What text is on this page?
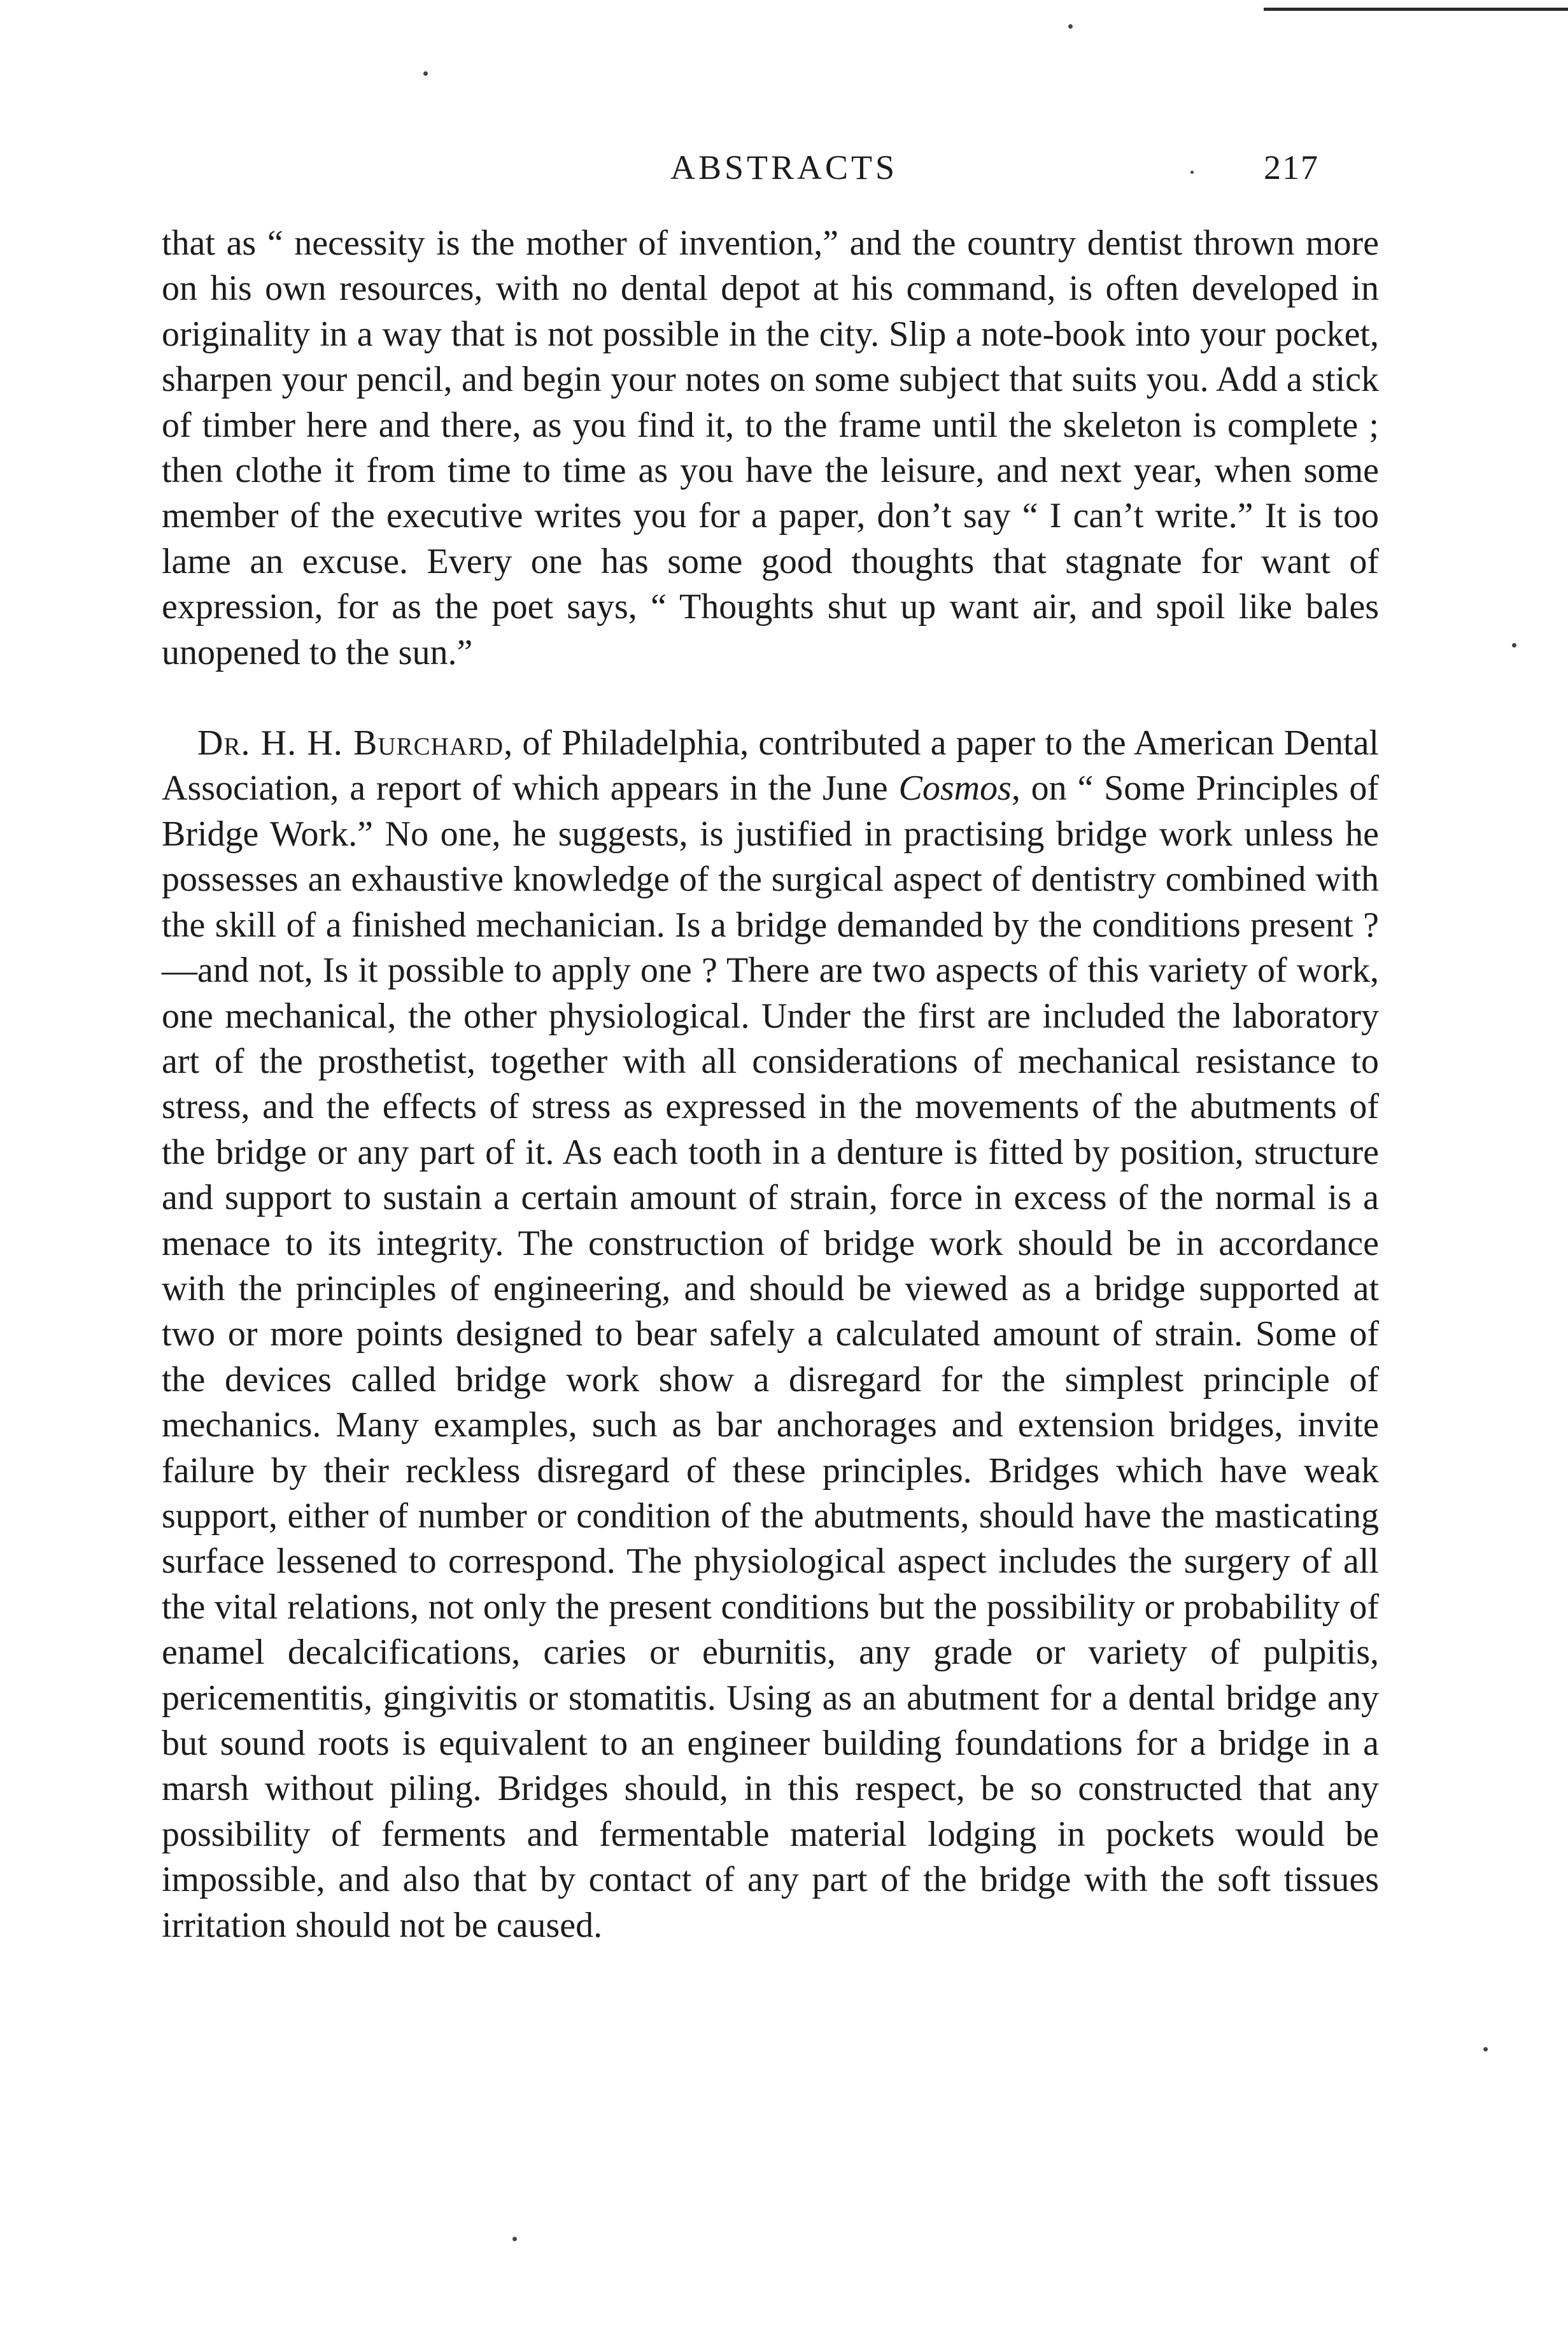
ABSTRACTS	217

that as “ necessity is the mother of invention,” and the country dentist thrown more on his own resources, with no dental depot at his command, is often developed in originality in a way that is not possible in the city. Slip a note-book into your pocket, sharpen your pencil, and begin your notes on some subject that suits you. Add a stick of timber here and there, as you find it, to the frame until the skeleton is complete ; then clothe it from time to time as you have the leisure, and next year, when some member of the executive writes you for a paper, don’t say “ I can’t write.” It is too lame an excuse. Every one has some good thoughts that stagnate for want of expression, for as the poet says, “ Thoughts shut up want air, and spoil like bales unopened to the sun.”

Dr. H. H. Burchard, of Philadelphia, contributed a paper to the American Dental Association, a report of which appears in the June Cosmos, on “ Some Principles of Bridge Work.” No one, he suggests, is justified in practising bridge work unless he possesses an exhaustive knowledge of the surgical aspect of dentistry combined with the skill of a finished mechanician. Is a bridge demanded by the conditions present ?—and not, Is it possible to apply one ? There are two aspects of this variety of work, one mechanical, the other physiological. Under the first are included the laboratory art of the prosthetist, together with all considerations of mechanical resistance to stress, and the effects of stress as expressed in the movements of the abutments of the bridge or any part of it. As each tooth in a denture is fitted by position, structure and support to sustain a certain amount of strain, force in excess of the normal is a menace to its integrity. The construction of bridge work should be in accordance with the principles of engineering, and should be viewed as a bridge supported at two or more points designed to bear safely a calculated amount of strain. Some of the devices called bridge work show a disregard for the simplest principle of mechanics. Many examples, such as bar anchorages and extension bridges, invite failure by their reckless disregard of these principles. Bridges which have weak support, either of number or condition of the abutments, should have the masticating surface lessened to correspond. The physiological aspect includes the surgery of all the vital relations, not only the present conditions but the possibility or probability of enamel decalcifications, caries or eburnitis, any grade or variety of pulpitis, pericementitis, gingivitis or stomatitis. Using as an abutment for a dental bridge any but sound roots is equivalent to an engineer building foundations for a bridge in a marsh without piling. Bridges should, in this respect, be so constructed that any possibility of ferments and fermentable material lodging in pockets would be impossible, and also that by contact of any part of the bridge with the soft tissues irritation should not be caused.
